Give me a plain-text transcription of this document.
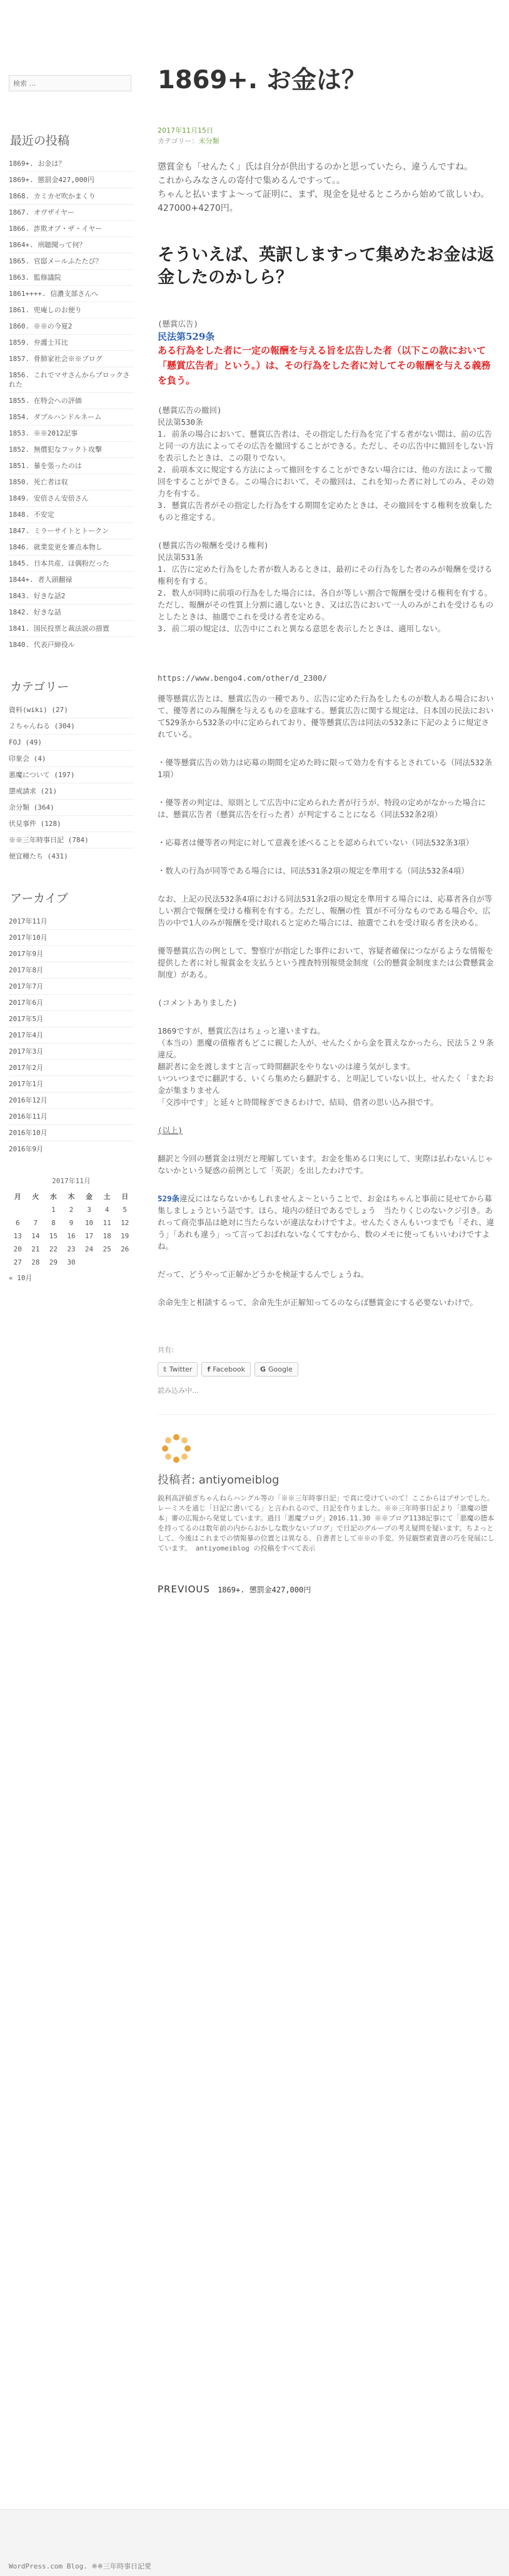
検索 …
最近の投稿
1869+. お金は？
1869+. 態罰金427,000円
1868. カミカゼ吹かまくり
1867. オヴザイヤー
1866. 詐欺オブ・ザ・イヤー
1864+. 刑聴聞って何？
1865. 官邸メールふたたび？
1863. 監修議院
1861++++. 信濃支部さんへ
1861. 兜庵しのお便り
1860. ※※の今夏2
1859. 弁護士耳比
1857. 骨肺家社会※※ブログ
1856. これでマサさんからブロックされた
1855. 在特会への評価
1854. ダブルハンドルネーム
1853. ※※2012記事
1852. 無償犯なフックト攻撃
1851. 暴を張ったのは
1850. 死亡者は収
1849. 安倍さん安倍さん
1848. 不安定
1847. ミラーサイトとトークン
1846. 就業変更を審点本物し
1845. 日本共産、ほ偶粉だった
1844+. 者人頭翻禄
1843. 好きな話2
1842. 好きな話
1841. 国民投票と裁法説の措置
1840. 代表戸締役ル
カテゴリー
資料(wiki) (27)
２ちゃんねる (304)
FOJ (49)
印象会 (4)
悪魔について (197)
懲戒請求 (21)
余分類 (364)
伏見事件 (128)
※※三年時事日記 (784)
便宜種たち (431)
アーカイブ
2017年11月
2017年10月
2017年9月
2017年8月
2017年7月
2017年6月
2017年5月
2017年4月
2017年3月
2017年2月
2017年1月
2016年12月
2016年11月
2016年10月
2016年9月
2017年11月
月	火	水	木	金	土	日
		1	2	3	4	5
6	7	8	9	10	11	12
13	14	15	16	17	18	19
20	21	22	23	24	25	26
27	28	29	30			
« 10月
1869+. お金は？
2017年11月15日
カテゴリー：未分類

懲賞金も「せんたく」氏は自分が供出するのかと思っていたら、違うんですね。
これからみなさんの寄付で集めるんですって。。
ちゃんと払いますよ～って証明に、まず、現金を見せるところから始めて欲しいわ。
427000+4270円。

そういえば、英訳しますって集めたお金は返金したのかしら？
(懸賞広告)
民法第529条
ある行為をした者に一定の報酬を与える旨を広告した者（以下この款において「懸賞広告者」という。）は、その行為をした者に対してその報酬を与える義務を負う。
(懸賞広告の撤回)
民法第530条
1. 前条の場合において、懸賞広告者は、その指定した行為を完了する者がない間は、前の広告と同一の方法によってその広告を撤回することができる。ただし、その広告中に撤回をしない旨を表示したときは、この限りでない。
2. 前項本文に規定する方法によって撤回をすることができない場合には、他の方法によって撤回をすることができる。この場合において、その撤回は、これを知った者に対してのみ、その効力を有する。
3. 懸賞広告者がその指定した行為をする期間を定めたときは、その撤回をする権利を放棄したものと推定する。
(懸賞広告の報酬を受ける権利)
民法第531条
1. 広告に定めた行為をした者が数人あるときは、最初にその行為をした者のみが報酬を受ける権利を有する。
2. 数人が同時に前項の行為をした場合には、各自が等しい割合で報酬を受ける権利を有する。ただし、報酬がその性質上分割に適しないとき、又は広告において一人のみがこれを受けるものとしたときは、抽選でこれを受ける者を定める。
3. 前二項の規定は、広告中にこれと異なる意思を表示したときは、適用しない。
https://www.bengo4.com/other/d_2300/
優等懸賞広告とは、懸賞広告の一種であり、広告に定めた行為をしたものが数人ある場合において、優等者にのみ報酬を与えるものを意味する。懸賞広告に関する規定は、日本国の民法において529条から532条の中に定められており、優等懸賞広告は同法の532条に下記のように規定されている。
・優等懸賞広告の効力は応募の期間を定めた時に限って効力を有するとされている（同法532条1項）
・優等者の判定は、原則として広告中に定められた者が行うが、特段の定めがなかった場合には、懸賞広告者（懸賞広告を行った者）が判定することになる（同法532条2項）
・応募者は優等者の判定に対して意義を述べることを認められていない（同法532条3項）
・数人の行為が同等である場合には、同法531条2項の規定を準用する（同法532条4項）
なお、上記の民法532条4項における同法531条2項の規定を準用する場合には、応募者各自が等しい割合で報酬を受ける権利を有する。ただし、報酬の性 質が不可分なものである場合や、広告の中で1人のみが報酬を受け取れると定めた場合には、抽選でこれを受け取る者を決める。
優等懸賞広告の例として、警察庁が指定した事件において、容疑者確保につながるような情報を提供した者に対し報賞金を支払うという捜査特別報奨金制度（公的懸賞金制度または公費懸賞金制度）がある。
(コメントありました)
1869ですが、懸賞広告はちょっと違いますね。
（本当の）悪魔の債権者もどこに親した人が、せんたくから金を貰えなかったら、民法５２９条違反。
翻訳者に金を渡しますと言って時間翻訳をやりないのは違う気がします。
いついつまでに翻訳する、いくら集めたら翻訳する、と明記していない以上、せんたく「またお金が集まりません
「交渉中です」と延々と時間稼ぎできるわけで、結局、借者の思い込み損です。
(以上)
翻訳と今回の懸賞金は別だと理解しています。お金を集める口実にして、実際は払わないんじゃないかという疑惑の前例として「英訳」を出したわけです。
529条違反にはならないかもしれませんよ～ということで、お金はちゃんと事前に見せてから募集しましょうという話です。ほら、境内の経日であるでしょう　当たりくじのないクジ引き。あれって商売事品は絶対に当たらないが違法なわけですよ。せんたくさんもいつまでも「それ、違う」「あれも違う」って言っておばれないなくてすむから、数のメモに使ってもいいわけですよね。
だって、どうやって正解かどうかを検証するんでしょうね。
余命先生と相談するって、余命先生が正解知ってるのならば懸賞金にする必要ないわけで。
共有:
𝕥 Twitter f Facebook G Google
読み込み中…
投稿者: antiyomeiblog
鋭利高評値ぎちゃんねらハングル等の「※※三年時事日記」で真に受けていのて！ここからはブサンでした。レーミスを通じ「日記に書いてる」と言われるので、日記を作りました。※※三年時事日記より「悪魔の謄本」審の広報から発覚しています。過日「悪魔ブログ」2016.11.30 ※※ブログ1138記事にて「悪魔の謄本を持ってるのは数年前の内からおかしな数少ないブログ」で日記のグループの考え疑問を疑います。ちよっとして、今後はこれまでの情報暴の位置とは異なる、自書者として※※の手変。外見観察素資書の巧を発展にしています。 antiyomeiblog の投稿をすべて表示
PREVIOUS 1869+. 懲罰金427,000円
WordPress.com Blog. ※※三年時事日記愛
